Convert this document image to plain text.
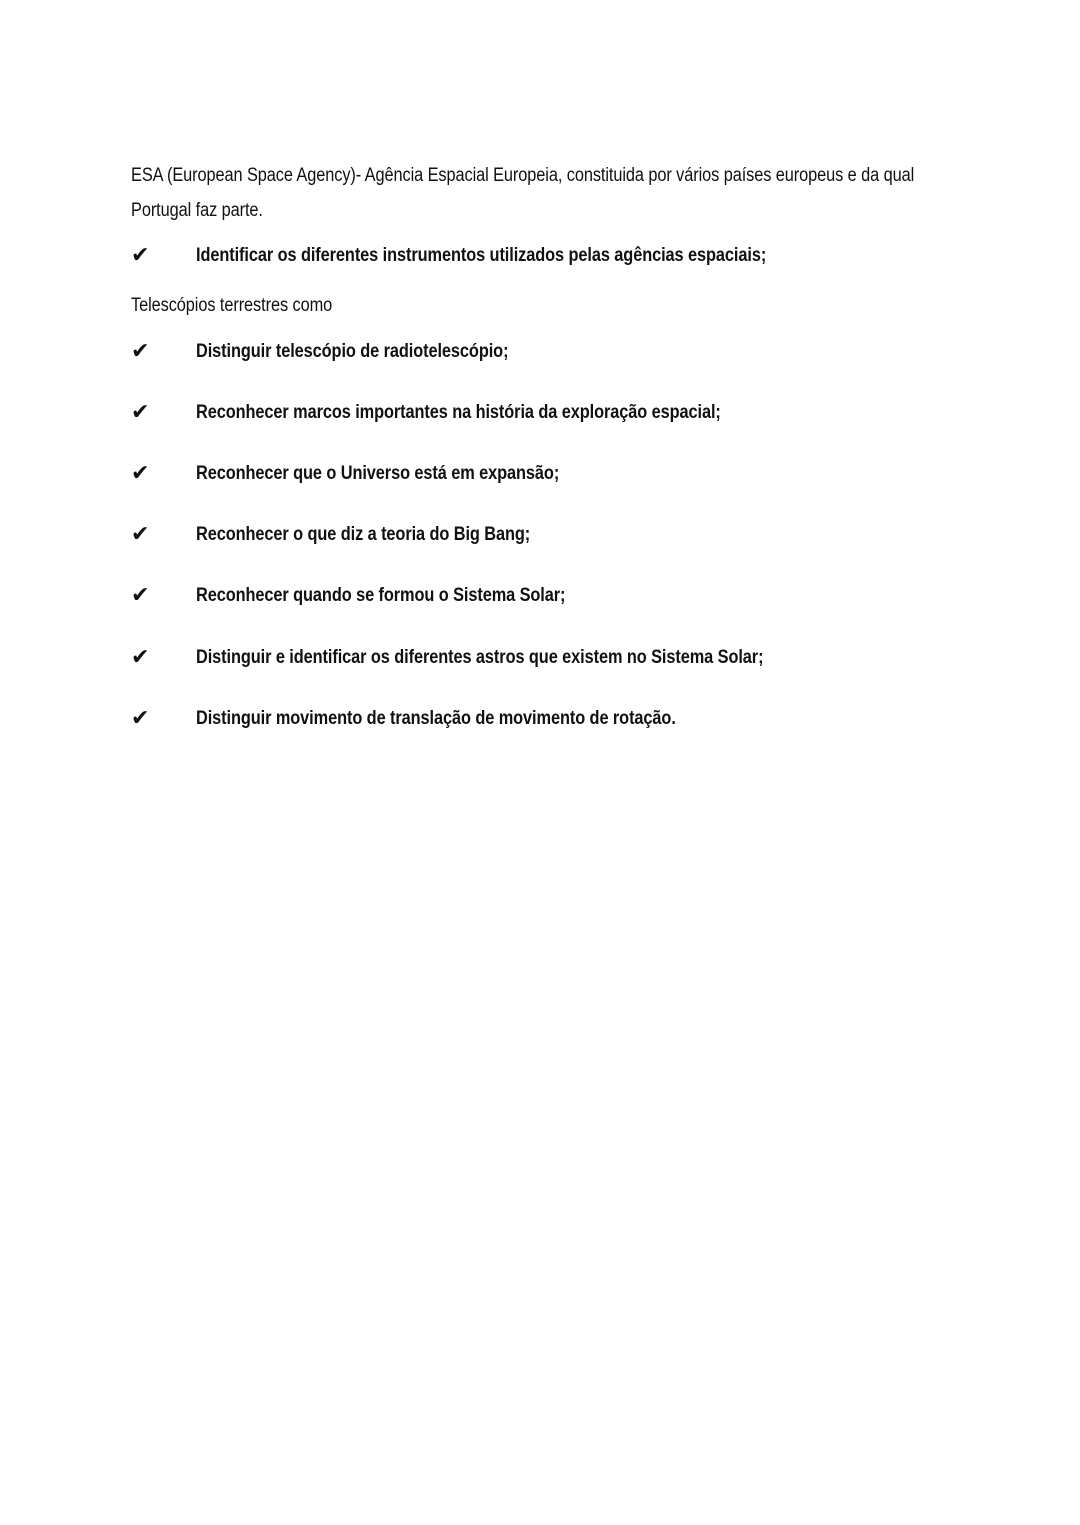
ESA (European Space Agency)- Agência Espacial Europeia, constituida por vários países europeus e da qual
Portugal faz parte.
✔ Identificar os diferentes instrumentos utilizados pelas agências espaciais;
Telescópios terrestres como
✔ Distinguir telescópio de radiotelescópio;
✔ Reconhecer marcos importantes na história da exploração espacial;
✔ Reconhecer que o Universo está em expansão;
✔ Reconhecer o que diz a teoria do Big Bang;
✔ Reconhecer quando se formou o Sistema Solar;
✔ Distinguir e identificar os diferentes astros que existem no Sistema Solar;
✔ Distinguir movimento de translação de movimento de rotação.
